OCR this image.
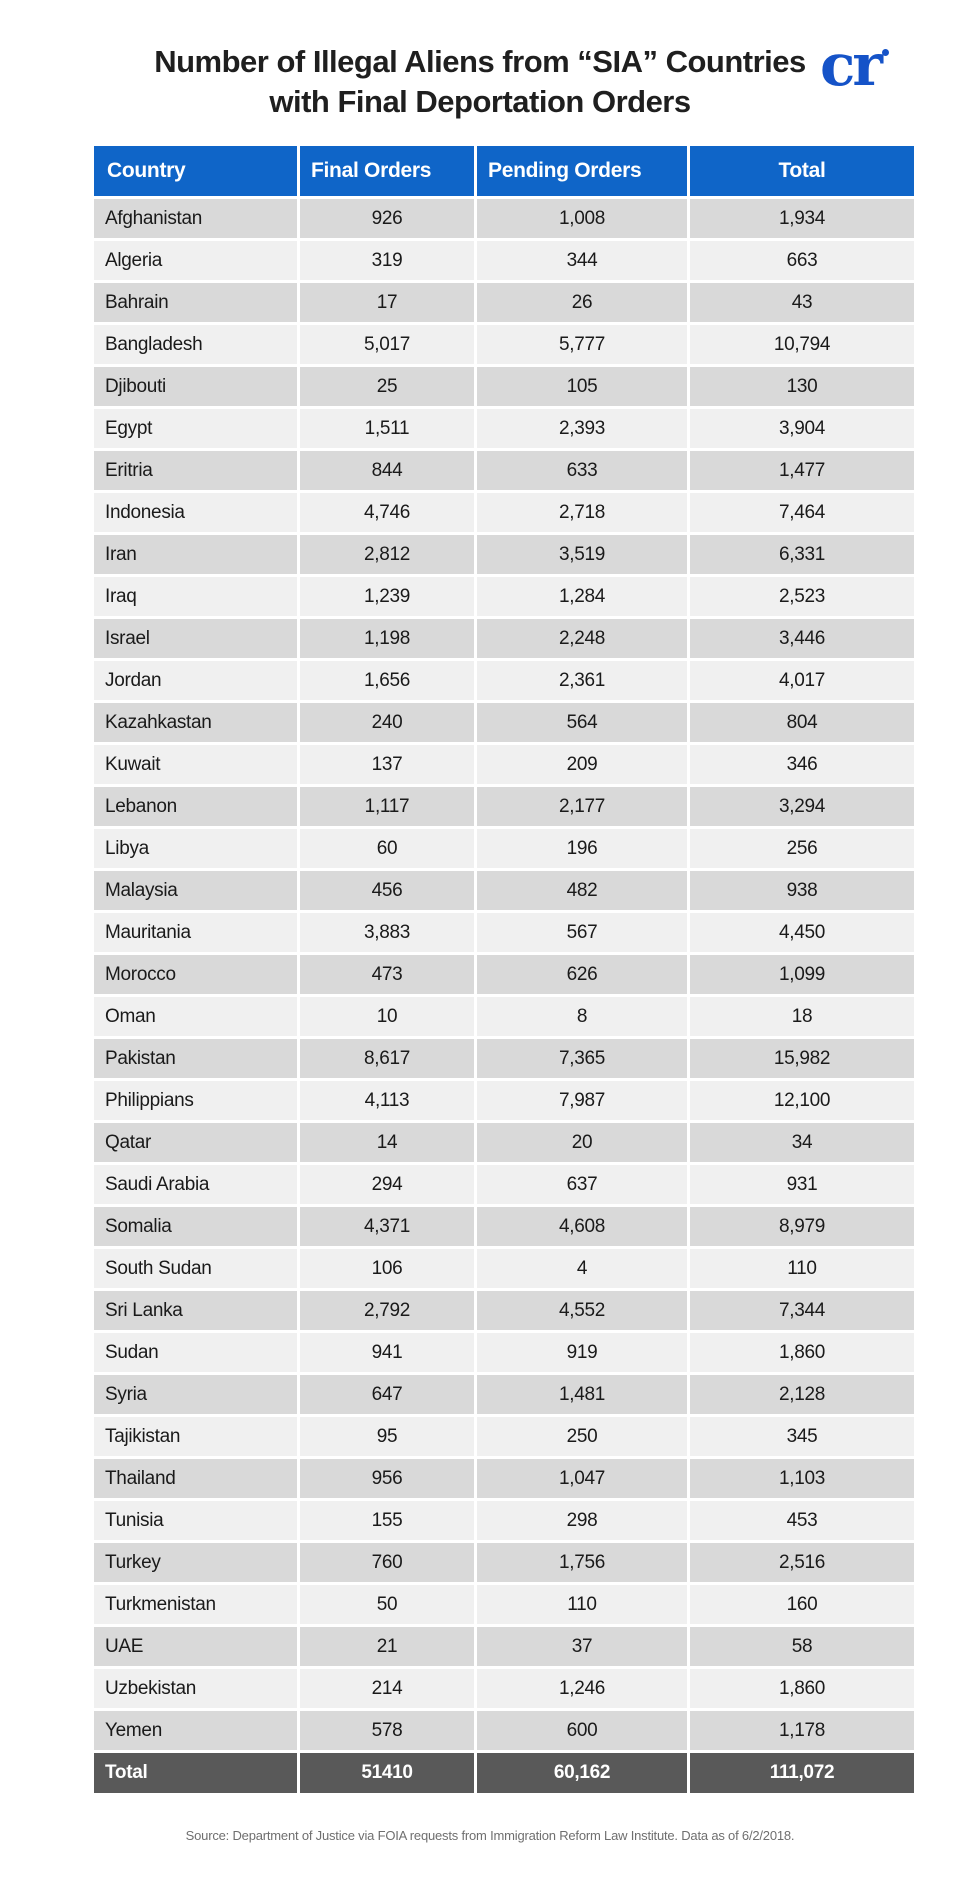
Number of Illegal Aliens from “SIA” Countries
with Final Deportation Orders
cr
Country	Final Orders	Pending Orders	Total
Afghanistan	926	1,008	1,934
Algeria	319	344	663
Bahrain	17	26	43
Bangladesh	5,017	5,777	10,794
Djibouti	25	105	130
Egypt	1,511	2,393	3,904
Eritria	844	633	1,477
Indonesia	4,746	2,718	7,464
Iran	2,812	3,519	6,331
Iraq	1,239	1,284	2,523
Israel	1,198	2,248	3,446
Jordan	1,656	2,361	4,017
Kazahkastan	240	564	804
Kuwait	137	209	346
Lebanon	1,117	2,177	3,294
Libya	60	196	256
Malaysia	456	482	938
Mauritania	3,883	567	4,450
Morocco	473	626	1,099
Oman	10	8	18
Pakistan	8,617	7,365	15,982
Philippians	4,113	7,987	12,100
Qatar	14	20	34
Saudi Arabia	294	637	931
Somalia	4,371	4,608	8,979
South Sudan	106	4	110
Sri Lanka	2,792	4,552	7,344
Sudan	941	919	1,860
Syria	647	1,481	2,128
Tajikistan	95	250	345
Thailand	956	1,047	1,103
Tunisia	155	298	453
Turkey	760	1,756	2,516
Turkmenistan	50	110	160
UAE	21	37	58
Uzbekistan	214	1,246	1,860
Yemen	578	600	1,178
Total	51410	60,162	111,072
Source: Department of Justice via FOIA requests from Immigration Reform Law Institute. Data as of 6/2/2018.
